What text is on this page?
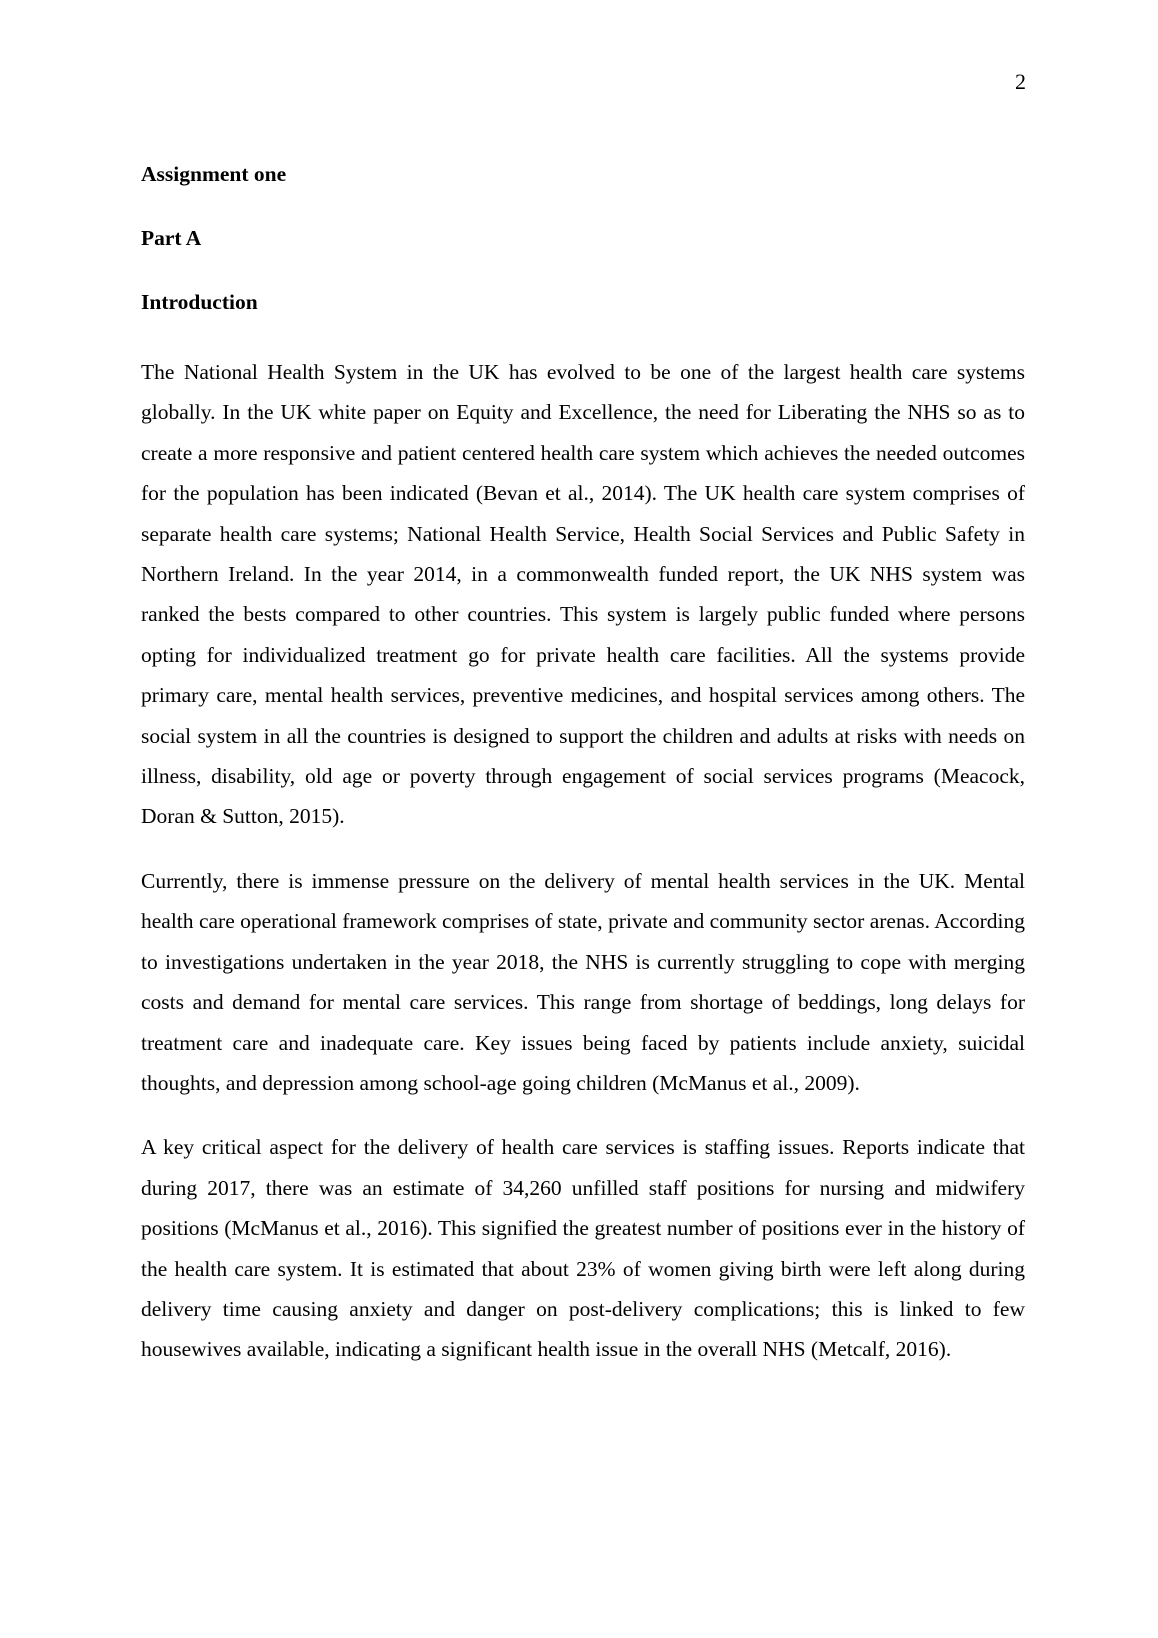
2
Assignment one
Part A
Introduction

The National Health System in the UK has evolved to be one of the largest health care systems globally. In the UK white paper on Equity and Excellence, the need for Liberating the NHS so as to create a more responsive and patient centered health care system which achieves the needed outcomes for the population has been indicated (Bevan et al., 2014). The UK health care system comprises of separate health care systems; National Health Service, Health Social Services and Public Safety in Northern Ireland. In the year 2014, in a commonwealth funded report, the UK NHS system was ranked the bests compared to other countries. This system is largely public funded where persons opting for individualized treatment go for private health care facilities. All the systems provide primary care, mental health services, preventive medicines, and hospital services among others. The social system in all the countries is designed to support the children and adults at risks with needs on illness, disability, old age or poverty through engagement of social services programs (Meacock, Doran & Sutton, 2015).

Currently, there is immense pressure on the delivery of mental health services in the UK. Mental health care operational framework comprises of state, private and community sector arenas. According to investigations undertaken in the year 2018, the NHS is currently struggling to cope with merging costs and demand for mental care services. This range from shortage of beddings, long delays for treatment care and inadequate care. Key issues being faced by patients include anxiety, suicidal thoughts, and depression among school-age going children (McManus et al., 2009).

A key critical aspect for the delivery of health care services is staffing issues. Reports indicate that during 2017, there was an estimate of 34,260 unfilled staff positions for nursing and midwifery positions (McManus et al., 2016). This signified the greatest number of positions ever in the history of the health care system. It is estimated that about 23% of women giving birth were left along during delivery time causing anxiety and danger on post-delivery complications; this is linked to few housewives available, indicating a significant health issue in the overall NHS (Metcalf, 2016).
